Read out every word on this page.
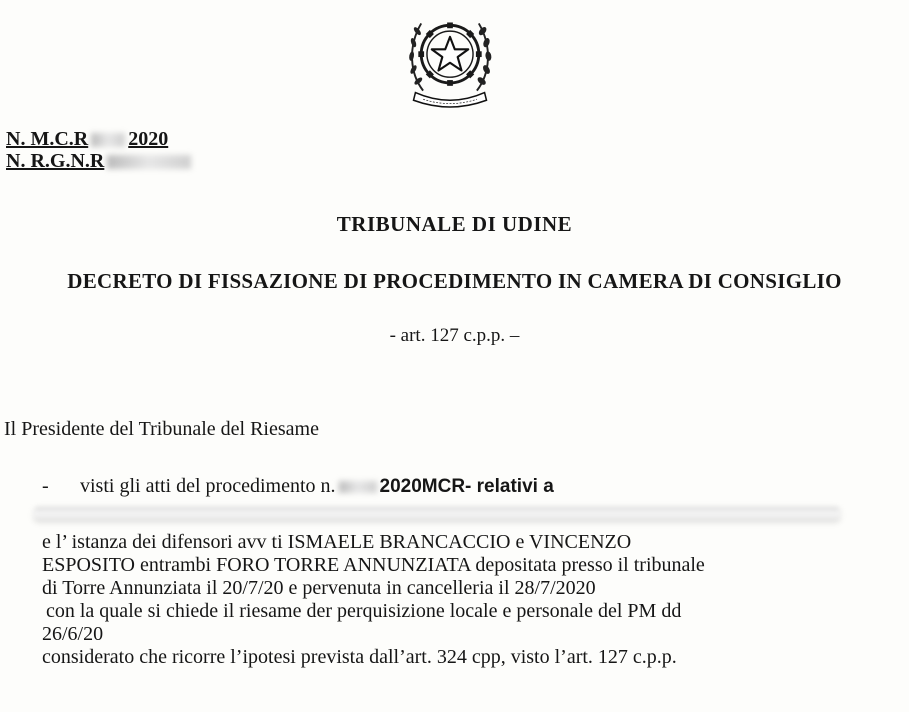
N. M.C.R 2020
N. R.G.N.R
TRIBUNALE DI UDINE
DECRETO DI FISSAZIONE DI PROCEDIMENTO IN CAMERA DI CONSIGLIO
- art. 127 c.p.p. –
Il Presidente del Tribunale del Riesame
- visti gli atti del procedimento n. 2020MCR- relativi a

e l’ istanza dei difensori avv ti ISMAELE BRANCACCIO e VINCENZO

ESPOSITO entrambi FORO TORRE ANNUNZIATA depositata presso il tribunale

di Torre Annunziata il 20/7/20 e pervenuta in cancelleria il 28/7/2020

con la quale si chiede il riesame der perquisizione locale e personale del PM dd

26/6/20

considerato che ricorre l’ipotesi prevista dall’art. 324 cpp, visto l’art. 127 c.p.p.
